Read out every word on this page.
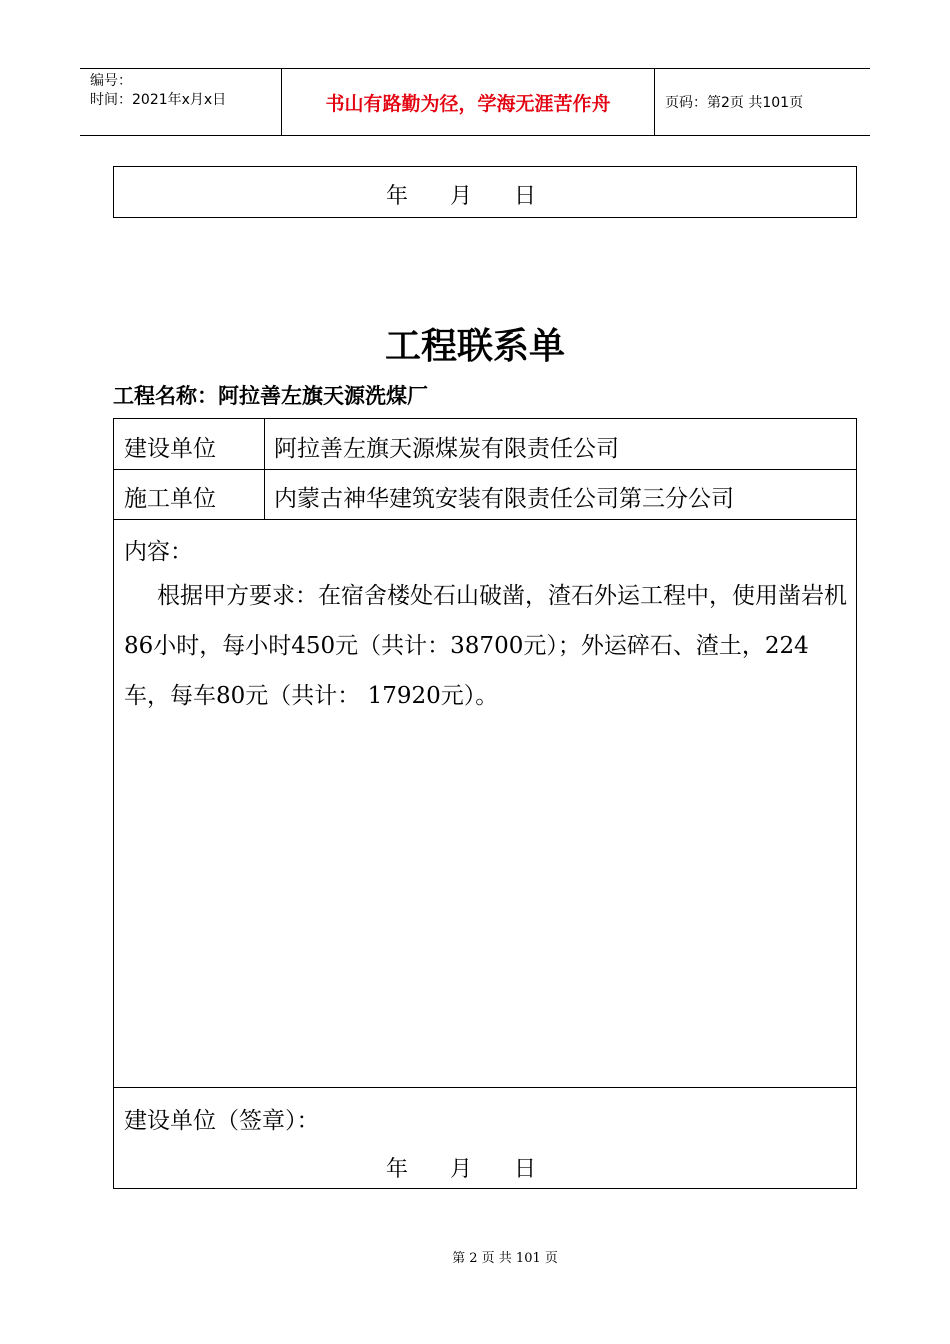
编号：
时间：2021年x月x日	书山有路勤为径，学海无涯苦作舟	页码：第2页 共101页
年 月 日
工程联系单
工程名称：阿拉善左旗天源洗煤厂
建设单位	阿拉善左旗天源煤炭有限责任公司
施工单位	内蒙古神华建筑安装有限责任公司第三分公司
内容：
根据甲方要求：在宿舍楼处石山破凿，渣石外运工程中，使用凿岩机86小时，每小时450元（共计：38700元）；外运碎石、渣土，224车，每车80元（共计： 17920元）。
建设单位（签章）：
年 月 日
第 2 页 共 101 页
